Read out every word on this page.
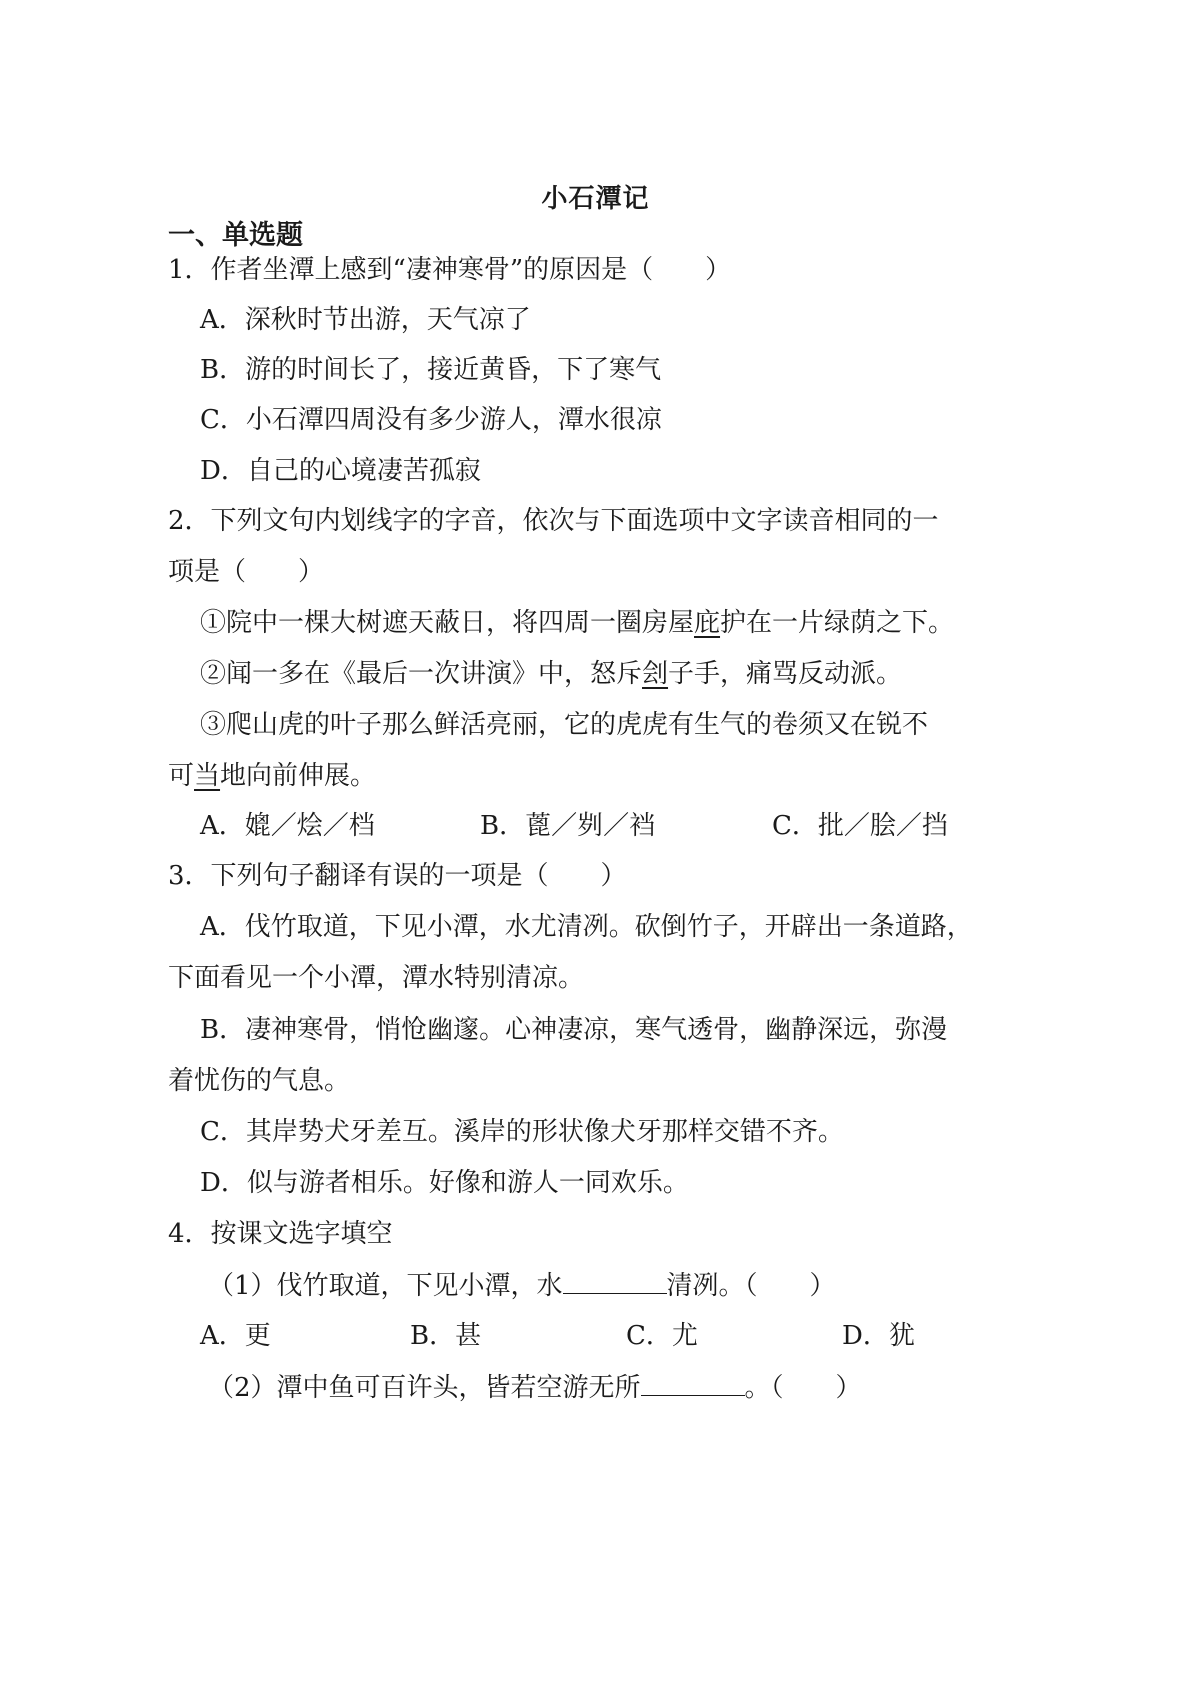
小石潭记
一、单选题
1．作者坐潭上感到“凄神寒骨”的原因是（　　）
A．深秋时节出游，天气凉了
B．游的时间长了，接近黄昏，下了寒气
C．小石潭四周没有多少游人，潭水很凉
D．自己的心境凄苦孤寂
2．下列文句内划线字的字音，依次与下面选项中文字读音相同的一
项是（　　）
①院中一棵大树遮天蔽日，将四周一圈房屋庇护在一片绿荫之下。
②闻一多在《最后一次讲演》中，怒斥刽子手，痛骂反动派。
③爬山虎的叶子那么鲜活亮丽，它的虎虎有生气的卷须又在锐不
可当地向前伸展。
A．媲／烩／档	B．蓖／刿／裆	C．批／脍／挡
3．下列句子翻译有误的一项是（　　）
A．伐竹取道，下见小潭，水尤清冽。砍倒竹子，开辟出一条道路，
下面看见一个小潭，潭水特别清凉。
B．凄神寒骨，悄怆幽邃。心神凄凉，寒气透骨，幽静深远，弥漫
着忧伤的气息。
C．其岸势犬牙差互。溪岸的形状像犬牙那样交错不齐。
D．似与游者相乐。好像和游人一同欢乐。
4．按课文选字填空
（1）伐竹取道，下见小潭，水	清冽。（　　）
A．更	B．甚	C．尤	D．犹
（2）潭中鱼可百许头，皆若空游无所	。（　　）
